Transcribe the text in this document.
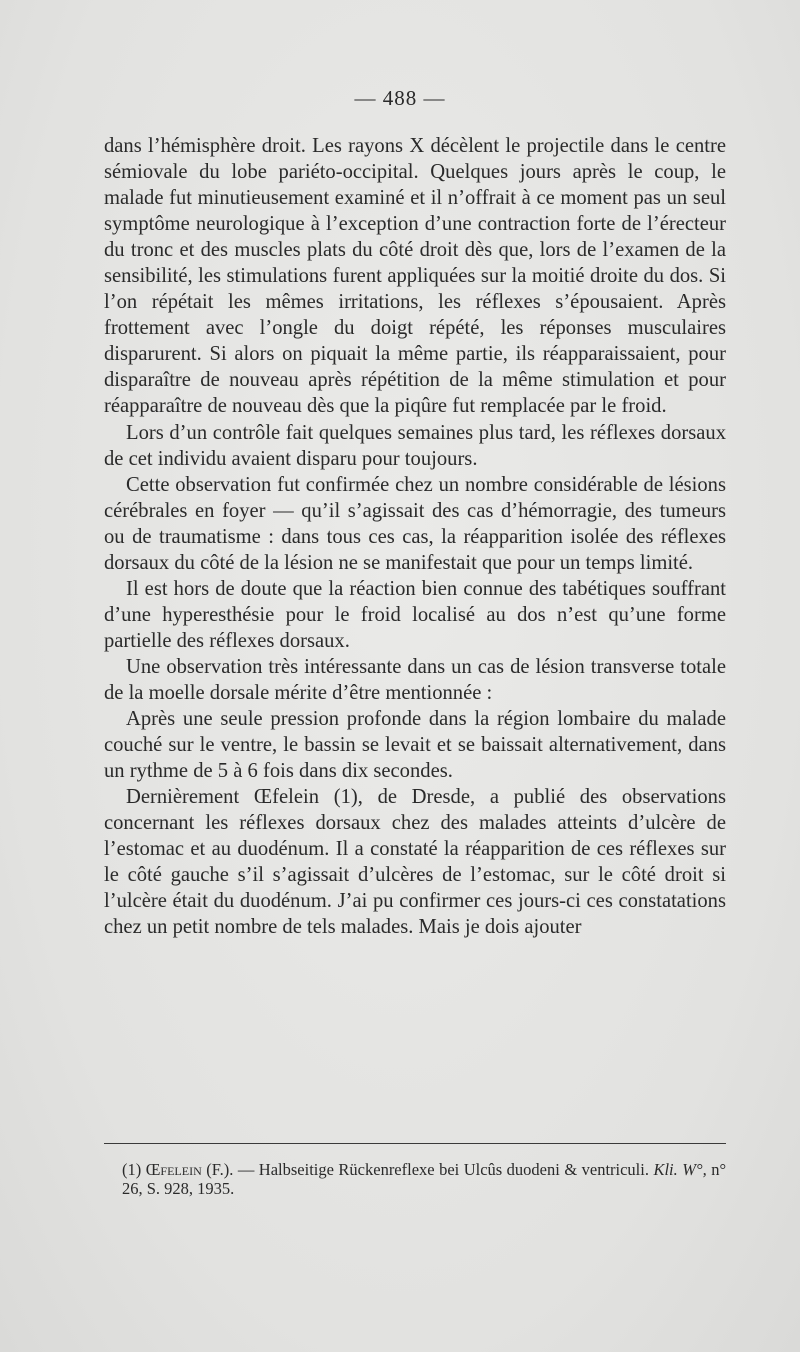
— 488 —

dans l’hémisphère droit. Les rayons X décèlent le projectile dans le centre sémiovale du lobe pariéto-occipital. Quelques jours après le coup, le malade fut minutieusement examiné et il n’offrait à ce moment pas un seul symptôme neurologique à l’exception d’une contraction forte de l’érecteur du tronc et des muscles plats du côté droit dès que, lors de l’examen de la sensibilité, les stimulations furent appliquées sur la moitié droite du dos. Si l’on répétait les mêmes irritations, les réflexes s’épousaient. Après frottement avec l’ongle du doigt répété, les réponses musculaires disparurent. Si alors on piquait la même partie, ils réapparaissaient, pour disparaître de nouveau après répétition de la même stimulation et pour réapparaître de nouveau dès que la piqûre fut remplacée par le froid.

Lors d’un contrôle fait quelques semaines plus tard, les réflexes dorsaux de cet individu avaient disparu pour toujours.

Cette observation fut confirmée chez un nombre considérable de lésions cérébrales en foyer — qu’il s’agissait des cas d’hémorragie, des tumeurs ou de traumatisme : dans tous ces cas, la réapparition isolée des réflexes dorsaux du côté de la lésion ne se manifestait que pour un temps limité.

Il est hors de doute que la réaction bien connue des tabétiques souffrant d’une hyperesthésie pour le froid localisé au dos n’est qu’une forme partielle des réflexes dorsaux.

Une observation très intéressante dans un cas de lésion transverse totale de la moelle dorsale mérite d’être mentionnée :

Après une seule pression profonde dans la région lombaire du malade couché sur le ventre, le bassin se levait et se baissait alternativement, dans un rythme de 5 à 6 fois dans dix secondes.

Dernièrement Œfelein (1), de Dresde, a publié des observations concernant les réflexes dorsaux chez des malades atteints d’ulcère de l’estomac et au duodénum. Il a constaté la réapparition de ces réflexes sur le côté gauche s’il s’agissait d’ulcères de l’estomac, sur le côté droit si l’ulcère était du duodénum. J’ai pu confirmer ces jours-ci ces constatations chez un petit nombre de tels malades. Mais je dois ajouter

(1) Œfelein (F.). — Halbseitige Rückenreflexe bei Ulcûs duodeni & ventriculi. Kli. W°, n° 26, S. 928, 1935.
